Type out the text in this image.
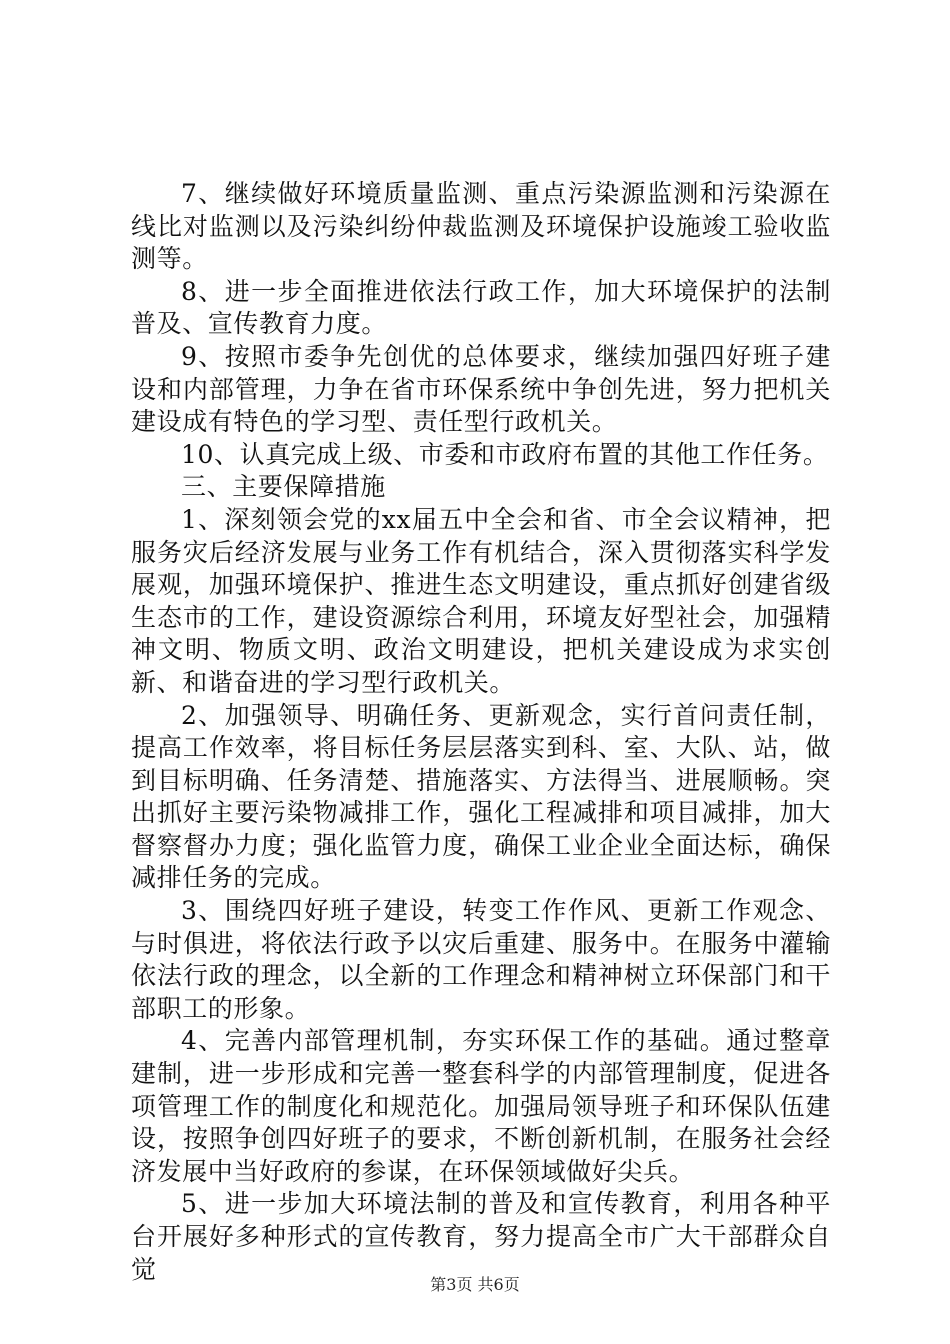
7、继续做好环境质量监测、重点污染源监测和污染源在线比对监测以及污染纠纷仲裁监测及环境保护设施竣工验收监测等。

8、进一步全面推进依法行政工作，加大环境保护的法制普及、宣传教育力度。

9、按照市委争先创优的总体要求，继续加强四好班子建设和内部管理，力争在省市环保系统中争创先进，努力把机关建设成有特色的学习型、责任型行政机关。

10、认真完成上级、市委和市政府布置的其他工作任务。

三、主要保障措施

1、深刻领会党的xx届五中全会和省、市全会议精神，把服务灾后经济发展与业务工作有机结合，深入贯彻落实科学发展观，加强环境保护、推进生态文明建设，重点抓好创建省级生态市的工作，建设资源综合利用，环境友好型社会，加强精神文明、物质文明、政治文明建设，把机关建设成为求实创新、和谐奋进的学习型行政机关。

2、加强领导、明确任务、更新观念，实行首问责任制，提高工作效率，将目标任务层层落实到科、室、大队、站，做到目标明确、任务清楚、措施落实、方法得当、进展顺畅。突出抓好主要污染物减排工作，强化工程减排和项目减排，加大督察督办力度；强化监管力度，确保工业企业全面达标，确保减排任务的完成。

3、围绕四好班子建设，转变工作作风、更新工作观念、与时俱进，将依法行政予以灾后重建、服务中。在服务中灌输依法行政的理念，以全新的工作理念和精神树立环保部门和干部职工的形象。

4、完善内部管理机制，夯实环保工作的基础。通过整章建制，进一步形成和完善一整套科学的内部管理制度，促进各项管理工作的制度化和规范化。加强局领导班子和环保队伍建设，按照争创四好班子的要求，不断创新机制，在服务社会经济发展中当好政府的参谋，在环保领域做好尖兵。

5、进一步加大环境法制的普及和宣传教育，利用各种平台开展好多种形式的宣传教育，努力提高全市广大干部群众自觉

第3页 共6页
